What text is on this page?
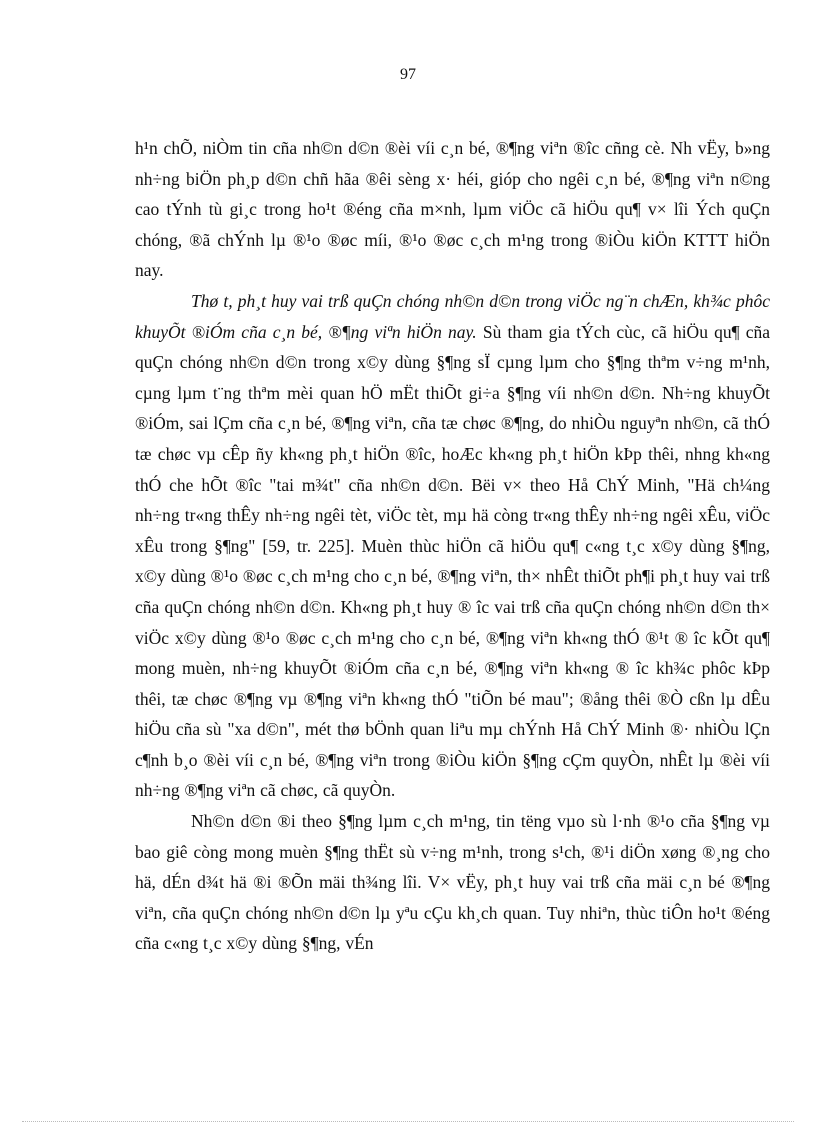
97

h¹n chÕ, niÒm tin cña nh©n d©n ®èi víi c¸n bé, ®¶ng viªn ®îc cñng cè. Nh vËy, b»ng nh÷ng biÖn ph¸p d©n chñ hãa ®êi sèng x· héi, gióp cho ngêi c¸n bé, ®¶ng viªn n©ng cao tÝnh tù gi¸c trong ho¹t ®éng cña m×nh, lµm viÖc cã hiÖu qu¶ v× lîi Ých quÇn chóng, ®ã chÝnh lµ ®¹o ®øc míi, ®¹o ®øc c¸ch m¹ng trong ®iÒu kiÖn KTTT hiÖn nay.

Thø t, ph¸t huy vai trß quÇn chóng nh©n d©n trong viÖc ng¨n chÆn, kh¾c phôc khuyÕt ®iÓm cña c¸n bé, ®¶ng viªn hiÖn nay. Sù tham gia tÝch cùc, cã hiÖu qu¶ cña quÇn chóng nh©n d©n trong x©y dùng §¶ng sÏ cµng lµm cho §¶ng thªm v÷ng m¹nh, cµng lµm t¨ng thªm mèi quan hÖ mËt thiÕt gi÷a §¶ng víi nh©n d©n. Nh÷ng khuyÕt ®iÓm, sai lÇm cña c¸n bé, ®¶ng viªn, cña tæ chøc ®¶ng, do nhiÒu nguyªn nh©n, cã thÓ tæ chøc vµ cÊp ñy kh«ng ph¸t hiÖn ®îc, hoÆc kh«ng ph¸t hiÖn kÞp thêi, nhng kh«ng thÓ che hÕt ®îc "tai m¾t" cña nh©n d©n. Bëi v× theo Hå ChÝ Minh, "Hä ch¼ng nh÷ng tr«ng thÊy nh÷ng ngêi tèt, viÖc tèt, mµ hä còng tr«ng thÊy nh÷ng ngêi xÊu, viÖc xÊu trong §¶ng" [59, tr. 225]. Muèn thùc hiÖn cã hiÖu qu¶ c«ng t¸c x©y dùng §¶ng, x©y dùng ®¹o ®øc c¸ch m¹ng cho c¸n bé, ®¶ng viªn, th× nhÊt thiÕt ph¶i ph¸t huy vai trß cña quÇn chóng nh©n d©n. Kh«ng ph¸t huy ® îc vai trß cña quÇn chóng nh©n d©n th× viÖc x©y dùng ®¹o ®øc c¸ch m¹ng cho c¸n bé, ®¶ng viªn kh«ng thÓ ®¹t ® îc kÕt qu¶ mong muèn, nh÷ng khuyÕt ®iÓm cña c¸n bé, ®¶ng viªn kh«ng ® îc kh¾c phôc kÞp thêi, tæ chøc ®¶ng vµ ®¶ng viªn kh«ng thÓ "tiÕn bé mau"; ®ång thêi ®Ò cßn lµ dÊu hiÖu cña sù "xa d©n", mét thø bÖnh quan liªu mµ chÝnh Hå ChÝ Minh ®· nhiÒu lÇn c¶nh b¸o ®èi víi c¸n bé, ®¶ng viªn trong ®iÒu kiÖn §¶ng cÇm quyÒn, nhÊt lµ ®èi víi nh÷ng ®¶ng viªn cã chøc, cã quyÒn.

Nh©n d©n ®i theo §¶ng lµm c¸ch m¹ng, tin tëng vµo sù l·nh ®¹o cña §¶ng vµ bao giê còng mong muèn §¶ng thËt sù v÷ng m¹nh, trong s¹ch, ®¹i diÖn xøng ®¸ng cho hä, dÉn d¾t hä ®i ®Õn mäi th¾ng lîi. V× vËy, ph¸t huy vai trß cña mäi c¸n bé ®¶ng viªn, cña quÇn chóng nh©n d©n lµ yªu cÇu kh¸ch quan. Tuy nhiªn, thùc tiÔn ho¹t ®éng cña c«ng t¸c x©y dùng §¶ng, vÉn
